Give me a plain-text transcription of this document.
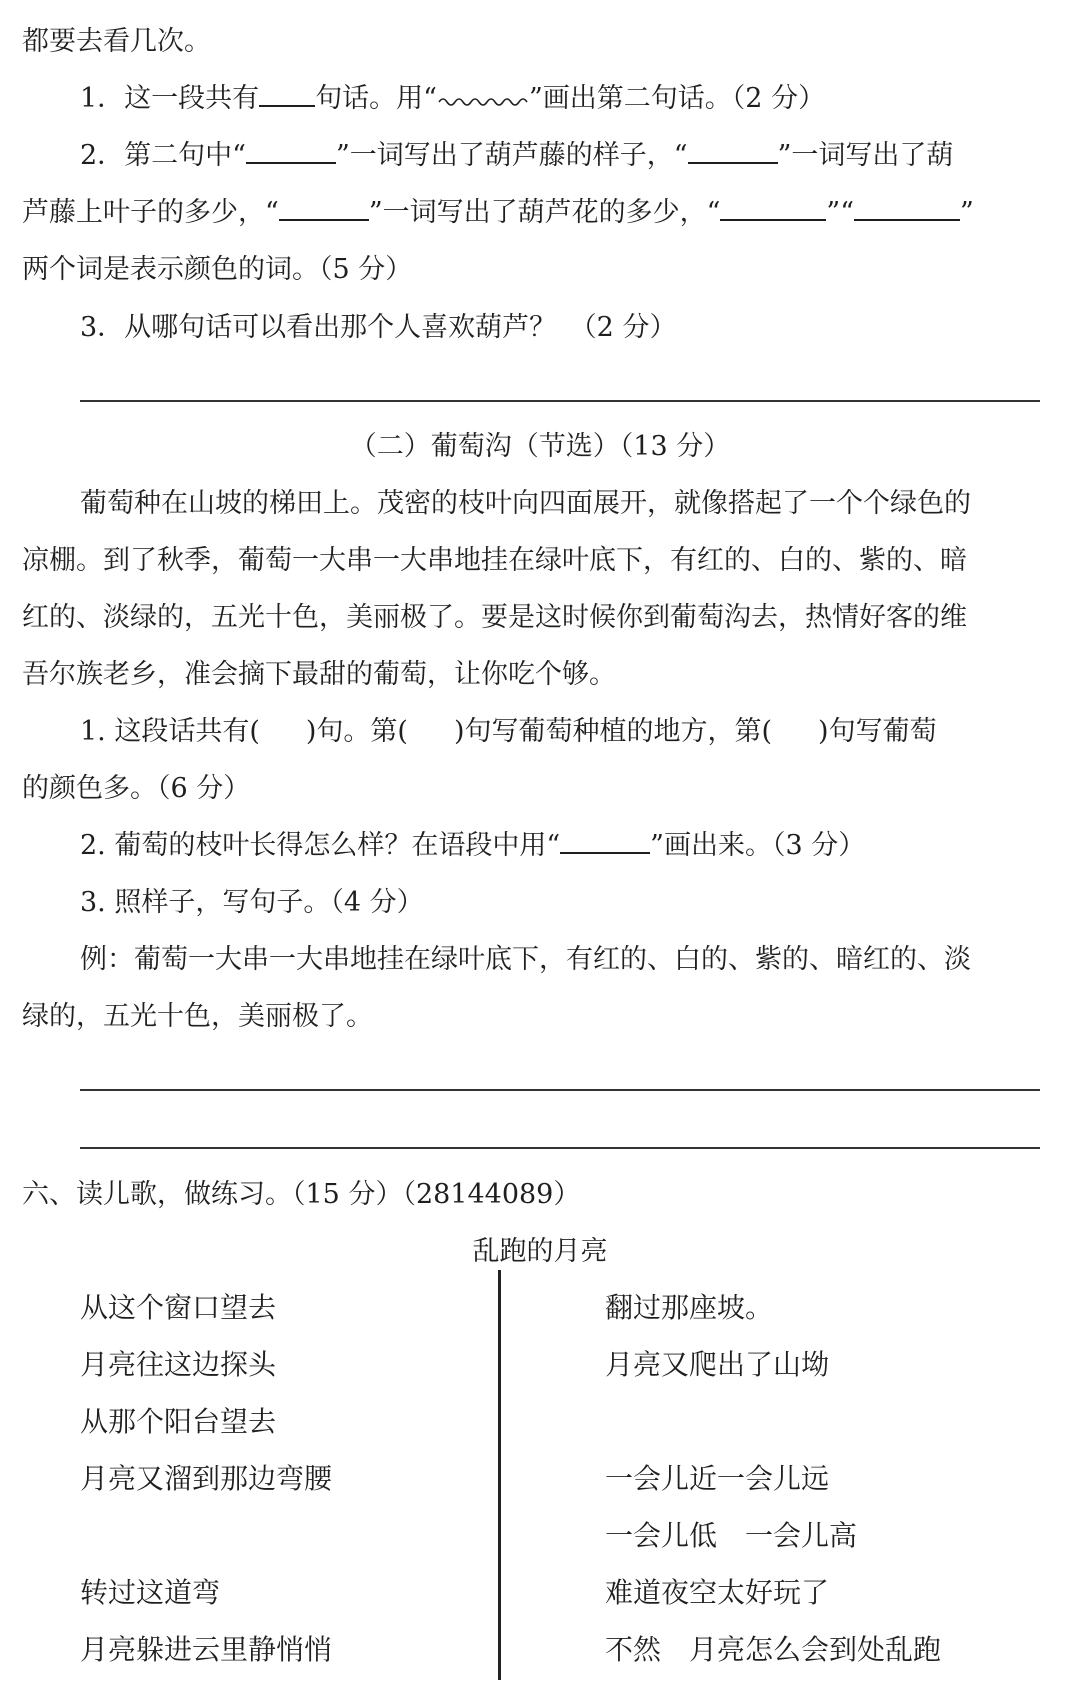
都要去看几次。
1．这一段共有 句话。用“	”画出第二句话。（2 分）
2．第二句中“	”一词写出了葫芦藤的样子，“	”一词写出了葫
芦藤上叶子的多少，“	”一词写出了葫芦花的多少，“	”“	”
两个词是表示颜色的词。（5 分）
3．从哪句话可以看出那个人喜欢葫芦？　（2 分）
（二）葡萄沟（节选）（13 分）
葡萄种在山坡的梯田上。茂密的枝叶向四面展开，就像搭起了一个个绿色的
凉棚。到了秋季，葡萄一大串一大串地挂在绿叶底下，有红的、白的、紫的、暗
红的、淡绿的，五光十色，美丽极了。要是这时候你到葡萄沟去，热情好客的维
吾尔族老乡，准会摘下最甜的葡萄，让你吃个够。
1. 这段话共有( )句。第( )句写葡萄种植的地方，第( )句写葡萄
的颜色多。（6 分）
2. 葡萄的枝叶长得怎么样？在语段中用“	”画出来。（3 分）
3. 照样子，写句子。（4 分）
例：葡萄一大串一大串地挂在绿叶底下，有红的、白的、紫的、暗红的、淡
绿的，五光十色，美丽极了。
六、读儿歌，做练习。（15 分）（28144089）
乱跑的月亮
从这个窗口望去
月亮往这边探头
从那个阳台望去
月亮又溜到那边弯腰
转过这道弯
月亮躲进云里静悄悄
翻过那座坡。
月亮又爬出了山坳
一会儿近一会儿远
一会儿低　一会儿高
难道夜空太好玩了
不然　月亮怎么会到处乱跑
